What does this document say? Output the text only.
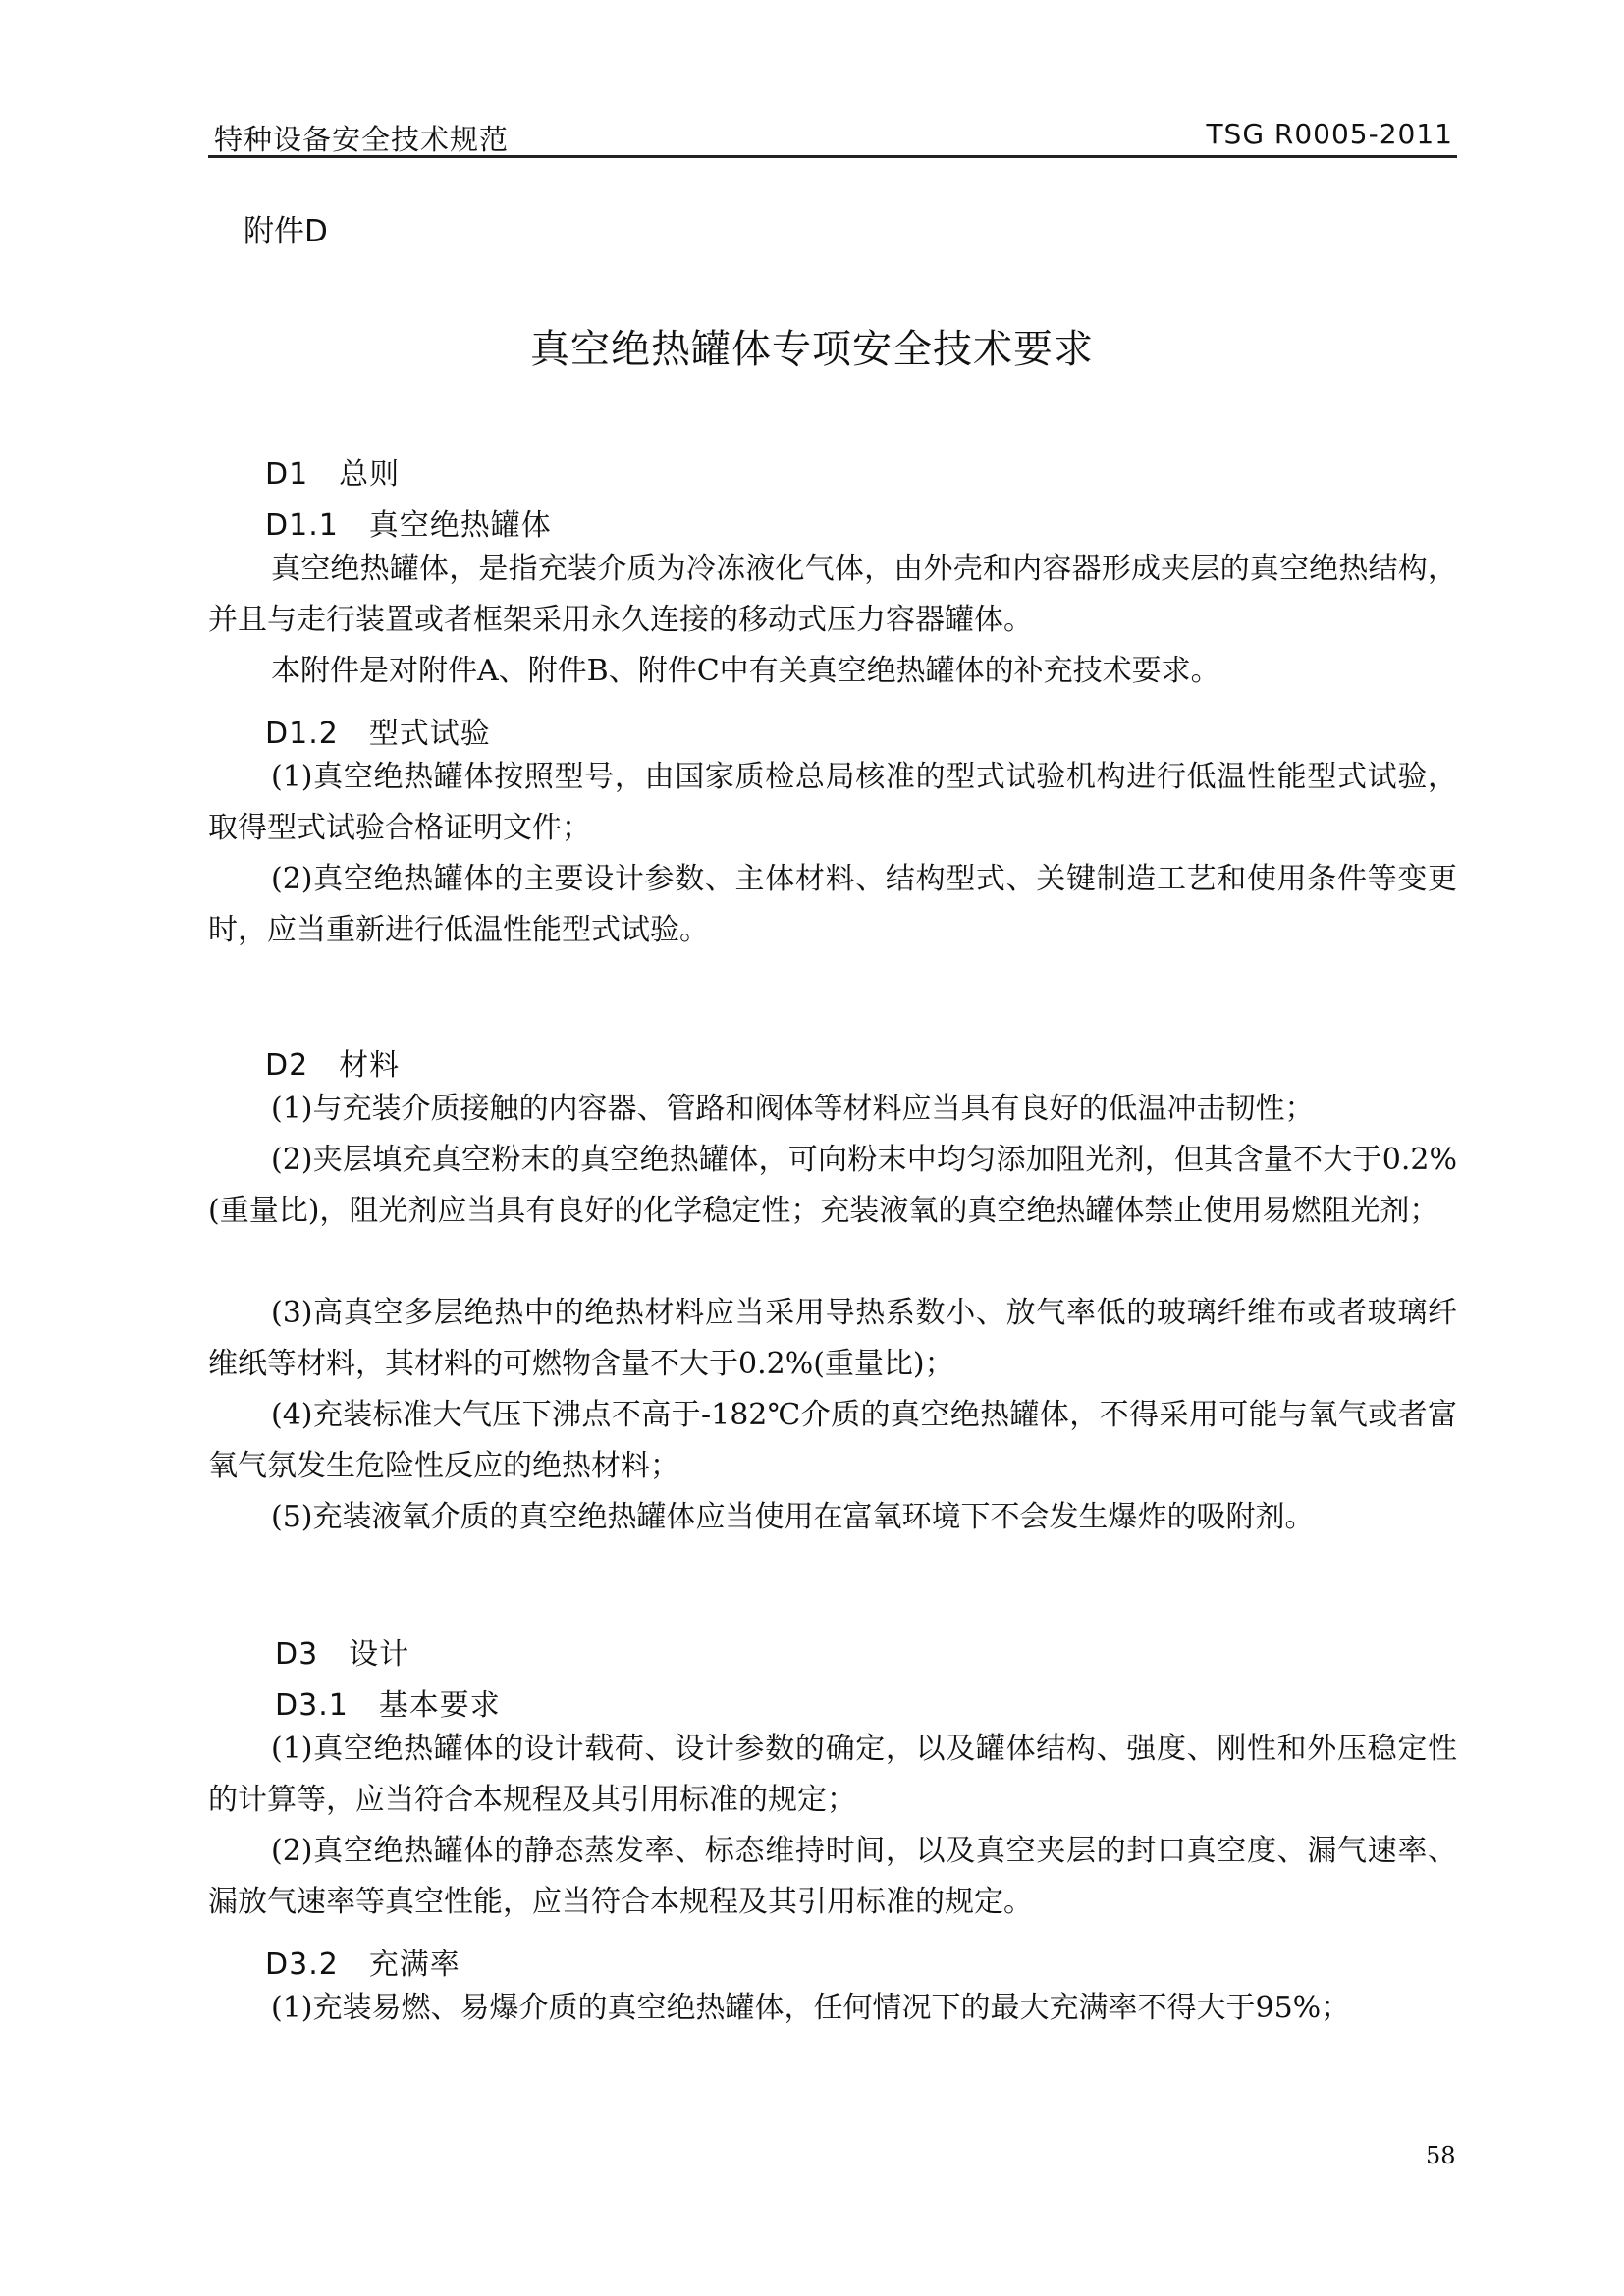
特种设备安全技术规范	TSG R0005-2011
附件D
真空绝热罐体专项安全技术要求
D1　总则
D1.1　真空绝热罐体

真空绝热罐体，是指充装介质为冷冻液化气体，由外壳和内容器形成夹层的真空绝热结构，并且与走行装置或者框架采用永久连接的移动式压力容器罐体。

本附件是对附件A、附件B、附件C中有关真空绝热罐体的补充技术要求。

D1.2　型式试验

(1)真空绝热罐体按照型号，由国家质检总局核准的型式试验机构进行低温性能型式试验，取得型式试验合格证明文件；

(2)真空绝热罐体的主要设计参数、主体材料、结构型式、关键制造工艺和使用条件等变更时，应当重新进行低温性能型式试验。

D2　材料

(1)与充装介质接触的内容器、管路和阀体等材料应当具有良好的低温冲击韧性；

(2)夹层填充真空粉末的真空绝热罐体，可向粉末中均匀添加阻光剂，但其含量不大于0.2%(重量比)，阻光剂应当具有良好的化学稳定性；充装液氧的真空绝热罐体禁止使用易燃阻光剂；

(3)高真空多层绝热中的绝热材料应当采用导热系数小、放气率低的玻璃纤维布或者玻璃纤维纸等材料，其材料的可燃物含量不大于0.2%(重量比)；

(4)充装标准大气压下沸点不高于-182℃介质的真空绝热罐体，不得采用可能与氧气或者富氧气氛发生危险性反应的绝热材料；

(5)充装液氧介质的真空绝热罐体应当使用在富氧环境下不会发生爆炸的吸附剂。

D3　设计
D3.1　基本要求

(1)真空绝热罐体的设计载荷、设计参数的确定，以及罐体结构、强度、刚性和外压稳定性的计算等，应当符合本规程及其引用标准的规定；

(2)真空绝热罐体的静态蒸发率、标态维持时间，以及真空夹层的封口真空度、漏气速率、漏放气速率等真空性能，应当符合本规程及其引用标准的规定。

D3.2　充满率

(1)充装易燃、易爆介质的真空绝热罐体，任何情况下的最大充满率不得大于95%；

58
